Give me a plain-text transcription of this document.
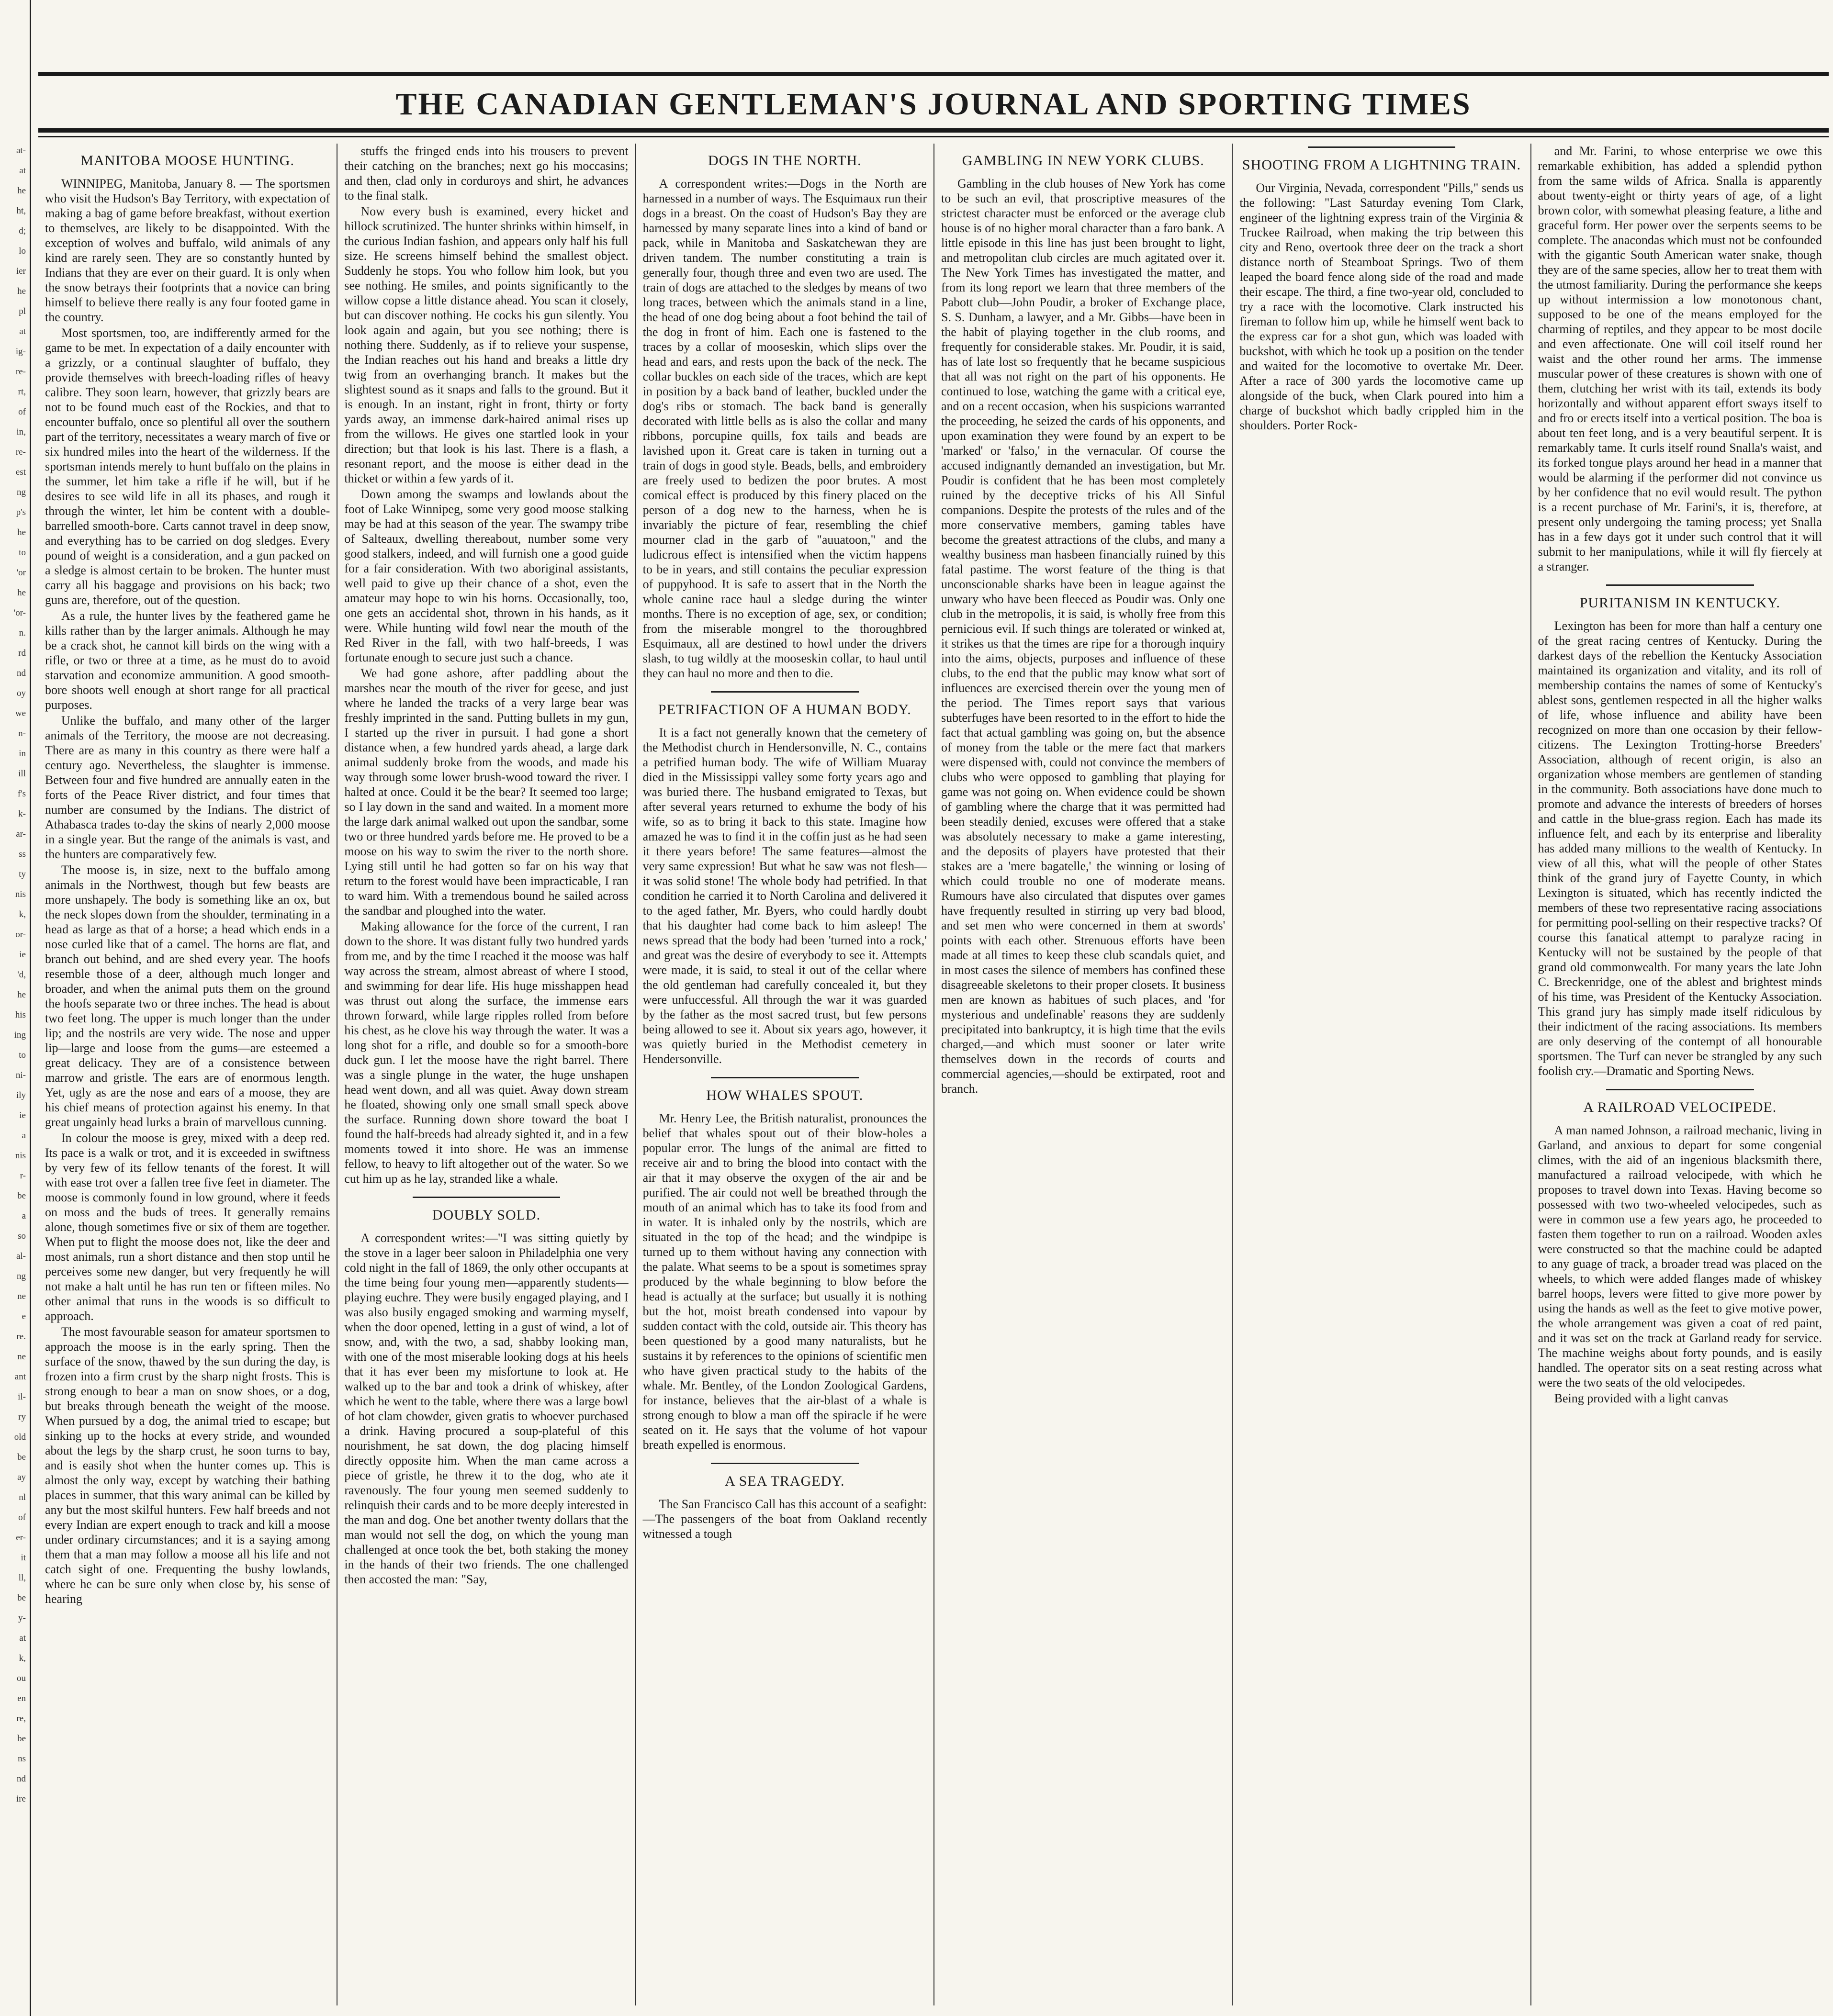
at-
at
he
ht,
d;
lo
ier
he
pl
at
ig-
re-
rt,
of
in,
re-
est
ng
p's
he
to
'or
he
'or-
n.
rd
nd
oy
we
n-
in
ill
f's
k-
ar-
ss
ty
nis
k,
or-
ie
'd,
he
his
ing
to
ni-
ily
ie
a
nis
r-
be
a
so
al-
ng
ne
e
re.
ne
ant
il-
ry
old
be
ay
nl
of
er-
it
ll,
be
y-
at
k,
ou
en
re,
be
ns
nd
ire
THE CANADIAN GENTLEMAN'S JOURNAL AND SPORTING TIMES
MANITOBA MOOSE HUNTING.

WINNIPEG, Manitoba, January 8. — The sportsmen who visit the Hudson's Bay Territory, with expectation of making a bag of game before breakfast, without exertion to themselves, are likely to be disappointed. With the exception of wolves and buffalo, wild animals of any kind are rarely seen. They are so constantly hunted by Indians that they are ever on their guard. It is only when the snow betrays their footprints that a novice can bring himself to believe there really is any four footed game in the country.

Most sportsmen, too, are indifferently armed for the game to be met. In expectation of a daily encounter with a grizzly, or a continual slaughter of buffalo, they provide themselves with breech-loading rifles of heavy calibre. They soon learn, however, that grizzly bears are not to be found much east of the Rockies, and that to encounter buffalo, once so plentiful all over the southern part of the territory, necessitates a weary march of five or six hundred miles into the heart of the wilderness. If the sportsman intends merely to hunt buffalo on the plains in the summer, let him take a rifle if he will, but if he desires to see wild life in all its phases, and rough it through the winter, let him be content with a double-barrelled smooth-bore. Carts cannot travel in deep snow, and everything has to be carried on dog sledges. Every pound of weight is a consideration, and a gun packed on a sledge is almost certain to be broken. The hunter must carry all his baggage and provisions on his back; two guns are, therefore, out of the question.

As a rule, the hunter lives by the feathered game he kills rather than by the larger animals. Although he may be a crack shot, he cannot kill birds on the wing with a rifle, or two or three at a time, as he must do to avoid starvation and economize ammunition. A good smooth-bore shoots well enough at short range for all practical purposes.

Unlike the buffalo, and many other of the larger animals of the Territory, the moose are not decreasing. There are as many in this country as there were half a century ago. Nevertheless, the slaughter is immense. Between four and five hundred are annually eaten in the forts of the Peace River district, and four times that number are consumed by the Indians. The district of Athabasca trades to-day the skins of nearly 2,000 moose in a single year. But the range of the animals is vast, and the hunters are comparatively few.

The moose is, in size, next to the buffalo among animals in the Northwest, though but few beasts are more unshapely. The body is something like an ox, but the neck slopes down from the shoulder, terminating in a head as large as that of a horse; a head which ends in a nose curled like that of a camel. The horns are flat, and branch out behind, and are shed every year. The hoofs resemble those of a deer, although much longer and broader, and when the animal puts them on the ground the hoofs separate two or three inches. The head is about two feet long. The upper is much longer than the under lip; and the nostrils are very wide. The nose and upper lip—large and loose from the gums—are esteemed a great delicacy. They are of a consistence between marrow and gristle. The ears are of enormous length. Yet, ugly as are the nose and ears of a moose, they are his chief means of protection against his enemy. In that great ungainly head lurks a brain of marvellous cunning.

In colour the moose is grey, mixed with a deep red. Its pace is a walk or trot, and it is exceeded in swiftness by very few of its fellow tenants of the forest. It will with ease trot over a fallen tree five feet in diameter. The moose is commonly found in low ground, where it feeds on moss and the buds of trees. It generally remains alone, though sometimes five or six of them are together. When put to flight the moose does not, like the deer and most animals, run a short distance and then stop until he perceives some new danger, but very frequently he will not make a halt until he has run ten or fifteen miles. No other animal that runs in the woods is so difficult to approach.

The most favourable season for amateur sportsmen to approach the moose is in the early spring. Then the surface of the snow, thawed by the sun during the day, is frozen into a firm crust by the sharp night frosts. This is strong enough to bear a man on snow shoes, or a dog, but breaks through beneath the weight of the moose. When pursued by a dog, the animal tried to escape; but sinking up to the hocks at every stride, and wounded about the legs by the sharp crust, he soon turns to bay, and is easily shot when the hunter comes up. This is almost the only way, except by watching their bathing places in summer, that this wary animal can be killed by any but the most skilful hunters. Few half breeds and not every Indian are expert enough to track and kill a moose under ordinary circumstances; and it is a saying among them that a man may follow a moose all his life and not catch sight of one. Frequenting the bushy lowlands, where he can be sure only when close by, his sense of hearing

stuffs the fringed ends into his trousers to prevent their catching on the branches; next go his moccasins; and then, clad only in corduroys and shirt, he advances to the final stalk.

Now every bush is examined, every hicket and hillock scrutinized. The hunter shrinks within himself, in the curious Indian fashion, and appears only half his full size. He screens himself behind the smallest object. Suddenly he stops. You who follow him look, but you see nothing. He smiles, and points significantly to the willow copse a little distance ahead. You scan it closely, but can discover nothing. He cocks his gun silently. You look again and again, but you see nothing; there is nothing there. Suddenly, as if to relieve your suspense, the Indian reaches out his hand and breaks a little dry twig from an overhanging branch. It makes but the slightest sound as it snaps and falls to the ground. But it is enough. In an instant, right in front, thirty or forty yards away, an immense dark-haired animal rises up from the willows. He gives one startled look in your direction; but that look is his last. There is a flash, a resonant report, and the moose is either dead in the thicket or within a few yards of it.

Down among the swamps and lowlands about the foot of Lake Winnipeg, some very good moose stalking may be had at this season of the year. The swampy tribe of Salteaux, dwelling thereabout, number some very good stalkers, indeed, and will furnish one a good guide for a fair consideration. With two aboriginal assistants, well paid to give up their chance of a shot, even the amateur may hope to win his horns. Occasionally, too, one gets an accidental shot, thrown in his hands, as it were. While hunting wild fowl near the mouth of the Red River in the fall, with two half-breeds, I was fortunate enough to secure just such a chance.

We had gone ashore, after paddling about the marshes near the mouth of the river for geese, and just where he landed the tracks of a very large bear was freshly imprinted in the sand. Putting bullets in my gun, I started up the river in pursuit. I had gone a short distance when, a few hundred yards ahead, a large dark animal suddenly broke from the woods, and made his way through some lower brush-wood toward the river. I halted at once. Could it be the bear? It seemed too large; so I lay down in the sand and waited. In a moment more the large dark animal walked out upon the sandbar, some two or three hundred yards before me. He proved to be a moose on his way to swim the river to the north shore. Lying still until he had gotten so far on his way that return to the forest would have been impracticable, I ran to ward him. With a tremendous bound he sailed across the sandbar and ploughed into the water.

Making allowance for the force of the current, I ran down to the shore. It was distant fully two hundred yards from me, and by the time I reached it the moose was half way across the stream, almost abreast of where I stood, and swimming for dear life. His huge misshappen head was thrust out along the surface, the immense ears thrown forward, while large ripples rolled from before his chest, as he clove his way through the water. It was a long shot for a rifle, and double so for a smooth-bore duck gun. I let the moose have the right barrel. There was a single plunge in the water, the huge unshapen head went down, and all was quiet. Away down stream he floated, showing only one small small speck above the surface. Running down shore toward the boat I found the half-breeds had already sighted it, and in a few moments towed it into shore. He was an immense fellow, to heavy to lift altogether out of the water. So we cut him up as he lay, stranded like a whale.

DOUBLY SOLD.

A correspondent writes:—"I was sitting quietly by the stove in a lager beer saloon in Philadelphia one very cold night in the fall of 1869, the only other occupants at the time being four young men—apparently students—playing euchre. They were busily engaged playing, and I was also busily engaged smoking and warming myself, when the door opened, letting in a gust of wind, a lot of snow, and, with the two, a sad, shabby looking man, with one of the most miserable looking dogs at his heels that it has ever been my misfortune to look at. He walked up to the bar and took a drink of whiskey, after which he went to the table, where there was a large bowl of hot clam chowder, given gratis to whoever purchased a drink. Having procured a soup-plateful of this nourishment, he sat down, the dog placing himself directly opposite him. When the man came across a piece of gristle, he threw it to the dog, who ate it ravenously. The four young men seemed suddenly to relinquish their cards and to be more deeply interested in the man and dog. One bet another twenty dollars that the man would not sell the dog, on which the young man challenged at once took the bet, both staking the money in the hands of their two friends. The one challenged then accosted the man: "Say,

DOGS IN THE NORTH.

A correspondent writes:—Dogs in the North are harnessed in a number of ways. The Esquimaux run their dogs in a breast. On the coast of Hudson's Bay they are harnessed by many separate lines into a kind of band or pack, while in Manitoba and Saskatchewan they are driven tandem. The number constituting a train is generally four, though three and even two are used. The train of dogs are attached to the sledges by means of two long traces, between which the animals stand in a line, the head of one dog being about a foot behind the tail of the dog in front of him. Each one is fastened to the traces by a collar of mooseskin, which slips over the head and ears, and rests upon the back of the neck. The collar buckles on each side of the traces, which are kept in position by a back band of leather, buckled under the dog's ribs or stomach. The back band is generally decorated with little bells as is also the collar and many ribbons, porcupine quills, fox tails and beads are lavished upon it. Great care is taken in turning out a train of dogs in good style. Beads, bells, and embroidery are freely used to bedizen the poor brutes. A most comical effect is produced by this finery placed on the person of a dog new to the harness, when he is invariably the picture of fear, resembling the chief mourner clad in the garb of "auuatoon," and the ludicrous effect is intensified when the victim happens to be in years, and still contains the peculiar expression of puppyhood. It is safe to assert that in the North the whole canine race haul a sledge during the winter months. There is no exception of age, sex, or condition; from the miserable mongrel to the thoroughbred Esquimaux, all are destined to howl under the drivers slash, to tug wildly at the mooseskin collar, to haul until they can haul no more and then to die.

PETRIFACTION OF A HUMAN BODY.

It is a fact not generally known that the cemetery of the Methodist church in Hendersonville, N. C., contains a petrified human body. The wife of William Muaray died in the Mississippi valley some forty years ago and was buried there. The husband emigrated to Texas, but after several years returned to exhume the body of his wife, so as to bring it back to this state. Imagine how amazed he was to find it in the coffin just as he had seen it there years before! The same features—almost the very same expression! But what he saw was not flesh—it was solid stone! The whole body had petrified. In that condition he carried it to North Carolina and delivered it to the aged father, Mr. Byers, who could hardly doubt that his daughter had come back to him asleep! The news spread that the body had been 'turned into a rock,' and great was the desire of everybody to see it. Attempts were made, it is said, to steal it out of the cellar where the old gentleman had carefully concealed it, but they were unfuccessful. All through the war it was guarded by the father as the most sacred trust, but few persons being allowed to see it. About six years ago, however, it was quietly buried in the Methodist cemetery in Hendersonville.

HOW WHALES SPOUT.

Mr. Henry Lee, the British naturalist, pronounces the belief that whales spout out of their blow-holes a popular error. The lungs of the animal are fitted to receive air and to bring the blood into contact with the air that it may observe the oxygen of the air and be purified. The air could not well be breathed through the mouth of an animal which has to take its food from and in water. It is inhaled only by the nostrils, which are situated in the top of the head; and the windpipe is turned up to them without having any connection with the palate. What seems to be a spout is sometimes spray produced by the whale beginning to blow before the head is actually at the surface; but usually it is nothing but the hot, moist breath condensed into vapour by sudden contact with the cold, outside air. This theory has been questioned by a good many naturalists, but he sustains it by references to the opinions of scientific men who have given practical study to the habits of the whale. Mr. Bentley, of the London Zoological Gardens, for instance, believes that the air-blast of a whale is strong enough to blow a man off the spiracle if he were seated on it. He says that the volume of hot vapour breath expelled is enormous.

A SEA TRAGEDY.

The San Francisco Call has this account of a seafight:—The passengers of the boat from Oakland recently witnessed a tough

GAMBLING IN NEW YORK CLUBS.

Gambling in the club houses of New York has come to be such an evil, that proscriptive measures of the strictest character must be enforced or the average club house is of no higher moral character than a faro bank. A little episode in this line has just been brought to light, and metropolitan club circles are much agitated over it. The New York Times has investigated the matter, and from its long report we learn that three members of the Pabott club—John Poudir, a broker of Exchange place, S. S. Dunham, a lawyer, and a Mr. Gibbs—have been in the habit of playing together in the club rooms, and frequently for considerable stakes. Mr. Poudir, it is said, has of late lost so frequently that he became suspicious that all was not right on the part of his opponents. He continued to lose, watching the game with a critical eye, and on a recent occasion, when his suspicions warranted the proceeding, he seized the cards of his opponents, and upon examination they were found by an expert to be 'marked' or 'falso,' in the vernacular. Of course the accused indignantly demanded an investigation, but Mr. Poudir is confident that he has been most completely ruined by the deceptive tricks of his All Sinful companions. Despite the protests of the rules and of the more conservative members, gaming tables have become the greatest attractions of the clubs, and many a wealthy business man hasbeen financially ruined by this fatal pastime. The worst feature of the thing is that unconscionable sharks have been in league against the unwary who have been fleeced as Poudir was. Only one club in the metropolis, it is said, is wholly free from this pernicious evil. If such things are tolerated or winked at, it strikes us that the times are ripe for a thorough inquiry into the aims, objects, purposes and influence of these clubs, to the end that the public may know what sort of influences are exercised therein over the young men of the period. The Times report says that various subterfuges have been resorted to in the effort to hide the fact that actual gambling was going on, but the absence of money from the table or the mere fact that markers were dispensed with, could not convince the members of clubs who were opposed to gambling that playing for game was not going on. When evidence could be shown of gambling where the charge that it was permitted had been steadily denied, excuses were offered that a stake was absolutely necessary to make a game interesting, and the deposits of players have protested that their stakes are a 'mere bagatelle,' the winning or losing of which could trouble no one of moderate means. Rumours have also circulated that disputes over games have frequently resulted in stirring up very bad blood, and set men who were concerned in them at swords' points with each other. Strenuous efforts have been made at all times to keep these club scandals quiet, and in most cases the silence of members has confined these disagreeable skeletons to their proper closets. It business men are known as habitues of such places, and 'for mysterious and undefinable' reasons they are suddenly precipitated into bankruptcy, it is high time that the evils charged,—and which must sooner or later write themselves down in the records of courts and commercial agencies,—should be extirpated, root and branch.

SHOOTING FROM A LIGHTNING TRAIN.

Our Virginia, Nevada, correspondent "Pills," sends us the following: "Last Saturday evening Tom Clark, engineer of the lightning express train of the Virginia & Truckee Railroad, when making the trip between this city and Reno, overtook three deer on the track a short distance north of Steamboat Springs. Two of them leaped the board fence along side of the road and made their escape. The third, a fine two-year old, concluded to try a race with the locomotive. Clark instructed his fireman to follow him up, while he himself went back to the express car for a shot gun, which was loaded with buckshot, with which he took up a position on the tender and waited for the locomotive to overtake Mr. Deer. After a race of 300 yards the locomotive came up alongside of the buck, when Clark poured into him a charge of buckshot which badly crippled him in the shoulders. Porter Rock-

and Mr. Farini, to whose enterprise we owe this remarkable exhibition, has added a splendid python from the same wilds of Africa. Snalla is apparently about twenty-eight or thirty years of age, of a light brown color, with somewhat pleasing feature, a lithe and graceful form. Her power over the serpents seems to be complete. The anacondas which must not be confounded with the gigantic South American water snake, though they are of the same species, allow her to treat them with the utmost familiarity. During the performance she keeps up without intermission a low monotonous chant, supposed to be one of the means employed for the charming of reptiles, and they appear to be most docile and even affectionate. One will coil itself round her waist and the other round her arms. The immense muscular power of these creatures is shown with one of them, clutching her wrist with its tail, extends its body horizontally and without apparent effort sways itself to and fro or erects itself into a vertical position. The boa is about ten feet long, and is a very beautiful serpent. It is remarkably tame. It curls itself round Snalla's waist, and its forked tongue plays around her head in a manner that would be alarming if the performer did not convince us by her confidence that no evil would result. The python is a recent purchase of Mr. Farini's, it is, therefore, at present only undergoing the taming process; yet Snalla has in a few days got it under such control that it will submit to her manipulations, while it will fly fiercely at a stranger.

PURITANISM IN KENTUCKY.

Lexington has been for more than half a century one of the great racing centres of Kentucky. During the darkest days of the rebellion the Kentucky Association maintained its organization and vitality, and its roll of membership contains the names of some of Kentucky's ablest sons, gentlemen respected in all the higher walks of life, whose influence and ability have been recognized on more than one occasion by their fellow-citizens. The Lexington Trotting-horse Breeders' Association, although of recent origin, is also an organization whose members are gentlemen of standing in the community. Both associations have done much to promote and advance the interests of breeders of horses and cattle in the blue-grass region. Each has made its influence felt, and each by its enterprise and liberality has added many millions to the wealth of Kentucky. In view of all this, what will the people of other States think of the grand jury of Fayette County, in which Lexington is situated, which has recently indicted the members of these two representative racing associations for permitting pool-selling on their respective tracks? Of course this fanatical attempt to paralyze racing in Kentucky will not be sustained by the people of that grand old commonwealth. For many years the late John C. Breckenridge, one of the ablest and brightest minds of his time, was President of the Kentucky Association. This grand jury has simply made itself ridiculous by their indictment of the racing associations. Its members are only deserving of the contempt of all honourable sportsmen. The Turf can never be strangled by any such foolish cry.—Dramatic and Sporting News.

A RAILROAD VELOCIPEDE.

A man named Johnson, a railroad mechanic, living in Garland, and anxious to depart for some congenial climes, with the aid of an ingenious blacksmith there, manufactured a railroad velocipede, with which he proposes to travel down into Texas. Having become so possessed with two two-wheeled velocipedes, such as were in common use a few years ago, he proceeded to fasten them together to run on a railroad. Wooden axles were constructed so that the machine could be adapted to any guage of track, a broader tread was placed on the wheels, to which were added flanges made of whiskey barrel hoops, levers were fitted to give more power by using the hands as well as the feet to give motive power, the whole arrangement was given a coat of red paint, and it was set on the track at Garland ready for service. The machine weighs about forty pounds, and is easily handled. The operator sits on a seat resting across what were the two seats of the old velocipedes.

Being provided with a light canvas
